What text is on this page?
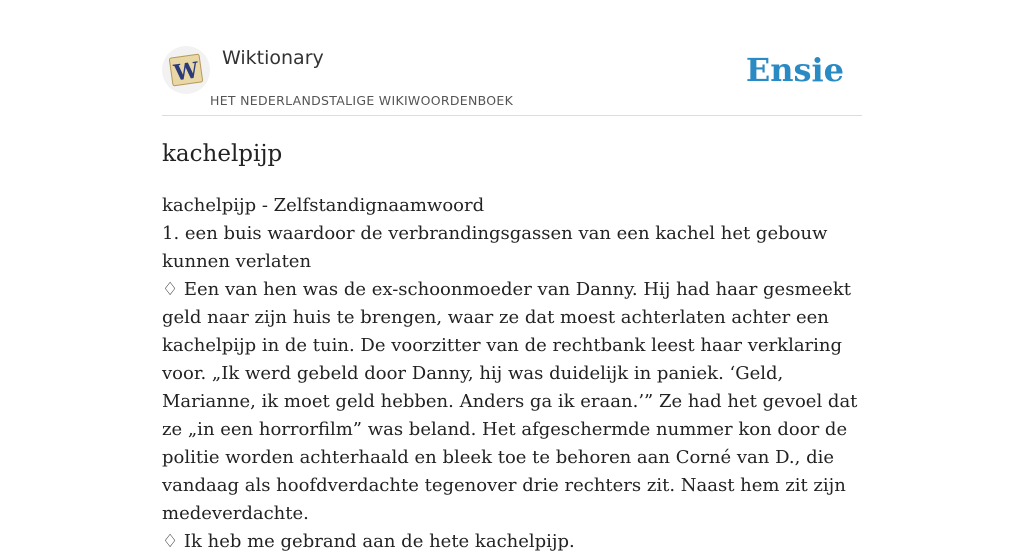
W Wiktionary
HET NEDERLANDSTALIGE WIKIWOORDENBOEK
Ensie
kachelpijp

kachelpijp - Zelfstandignaamwoord

1. een buis waardoor de verbrandingsgassen van een kachel het gebouw kunnen verlaten

♢ Een van hen was de ex-schoonmoeder van Danny. Hij had haar gesmeekt geld naar zijn huis te brengen, waar ze dat moest achterlaten achter een kachelpijp in de tuin. De voorzitter van de rechtbank leest haar verklaring voor. „Ik werd gebeld door Danny, hij was duidelijk in paniek. ‘Geld, Marianne, ik moet geld hebben. Anders ga ik eraan.’” Ze had het gevoel dat ze „in een horrorfilm” was beland. Het afgeschermde nummer kon door de politie worden achterhaald en bleek toe te behoren aan Corné van D., die vandaag als hoofdverdachte tegenover drie rechters zit. Naast hem zit zijn medeverdachte.

♢ Ik heb me gebrand aan de hete kachelpijp.
